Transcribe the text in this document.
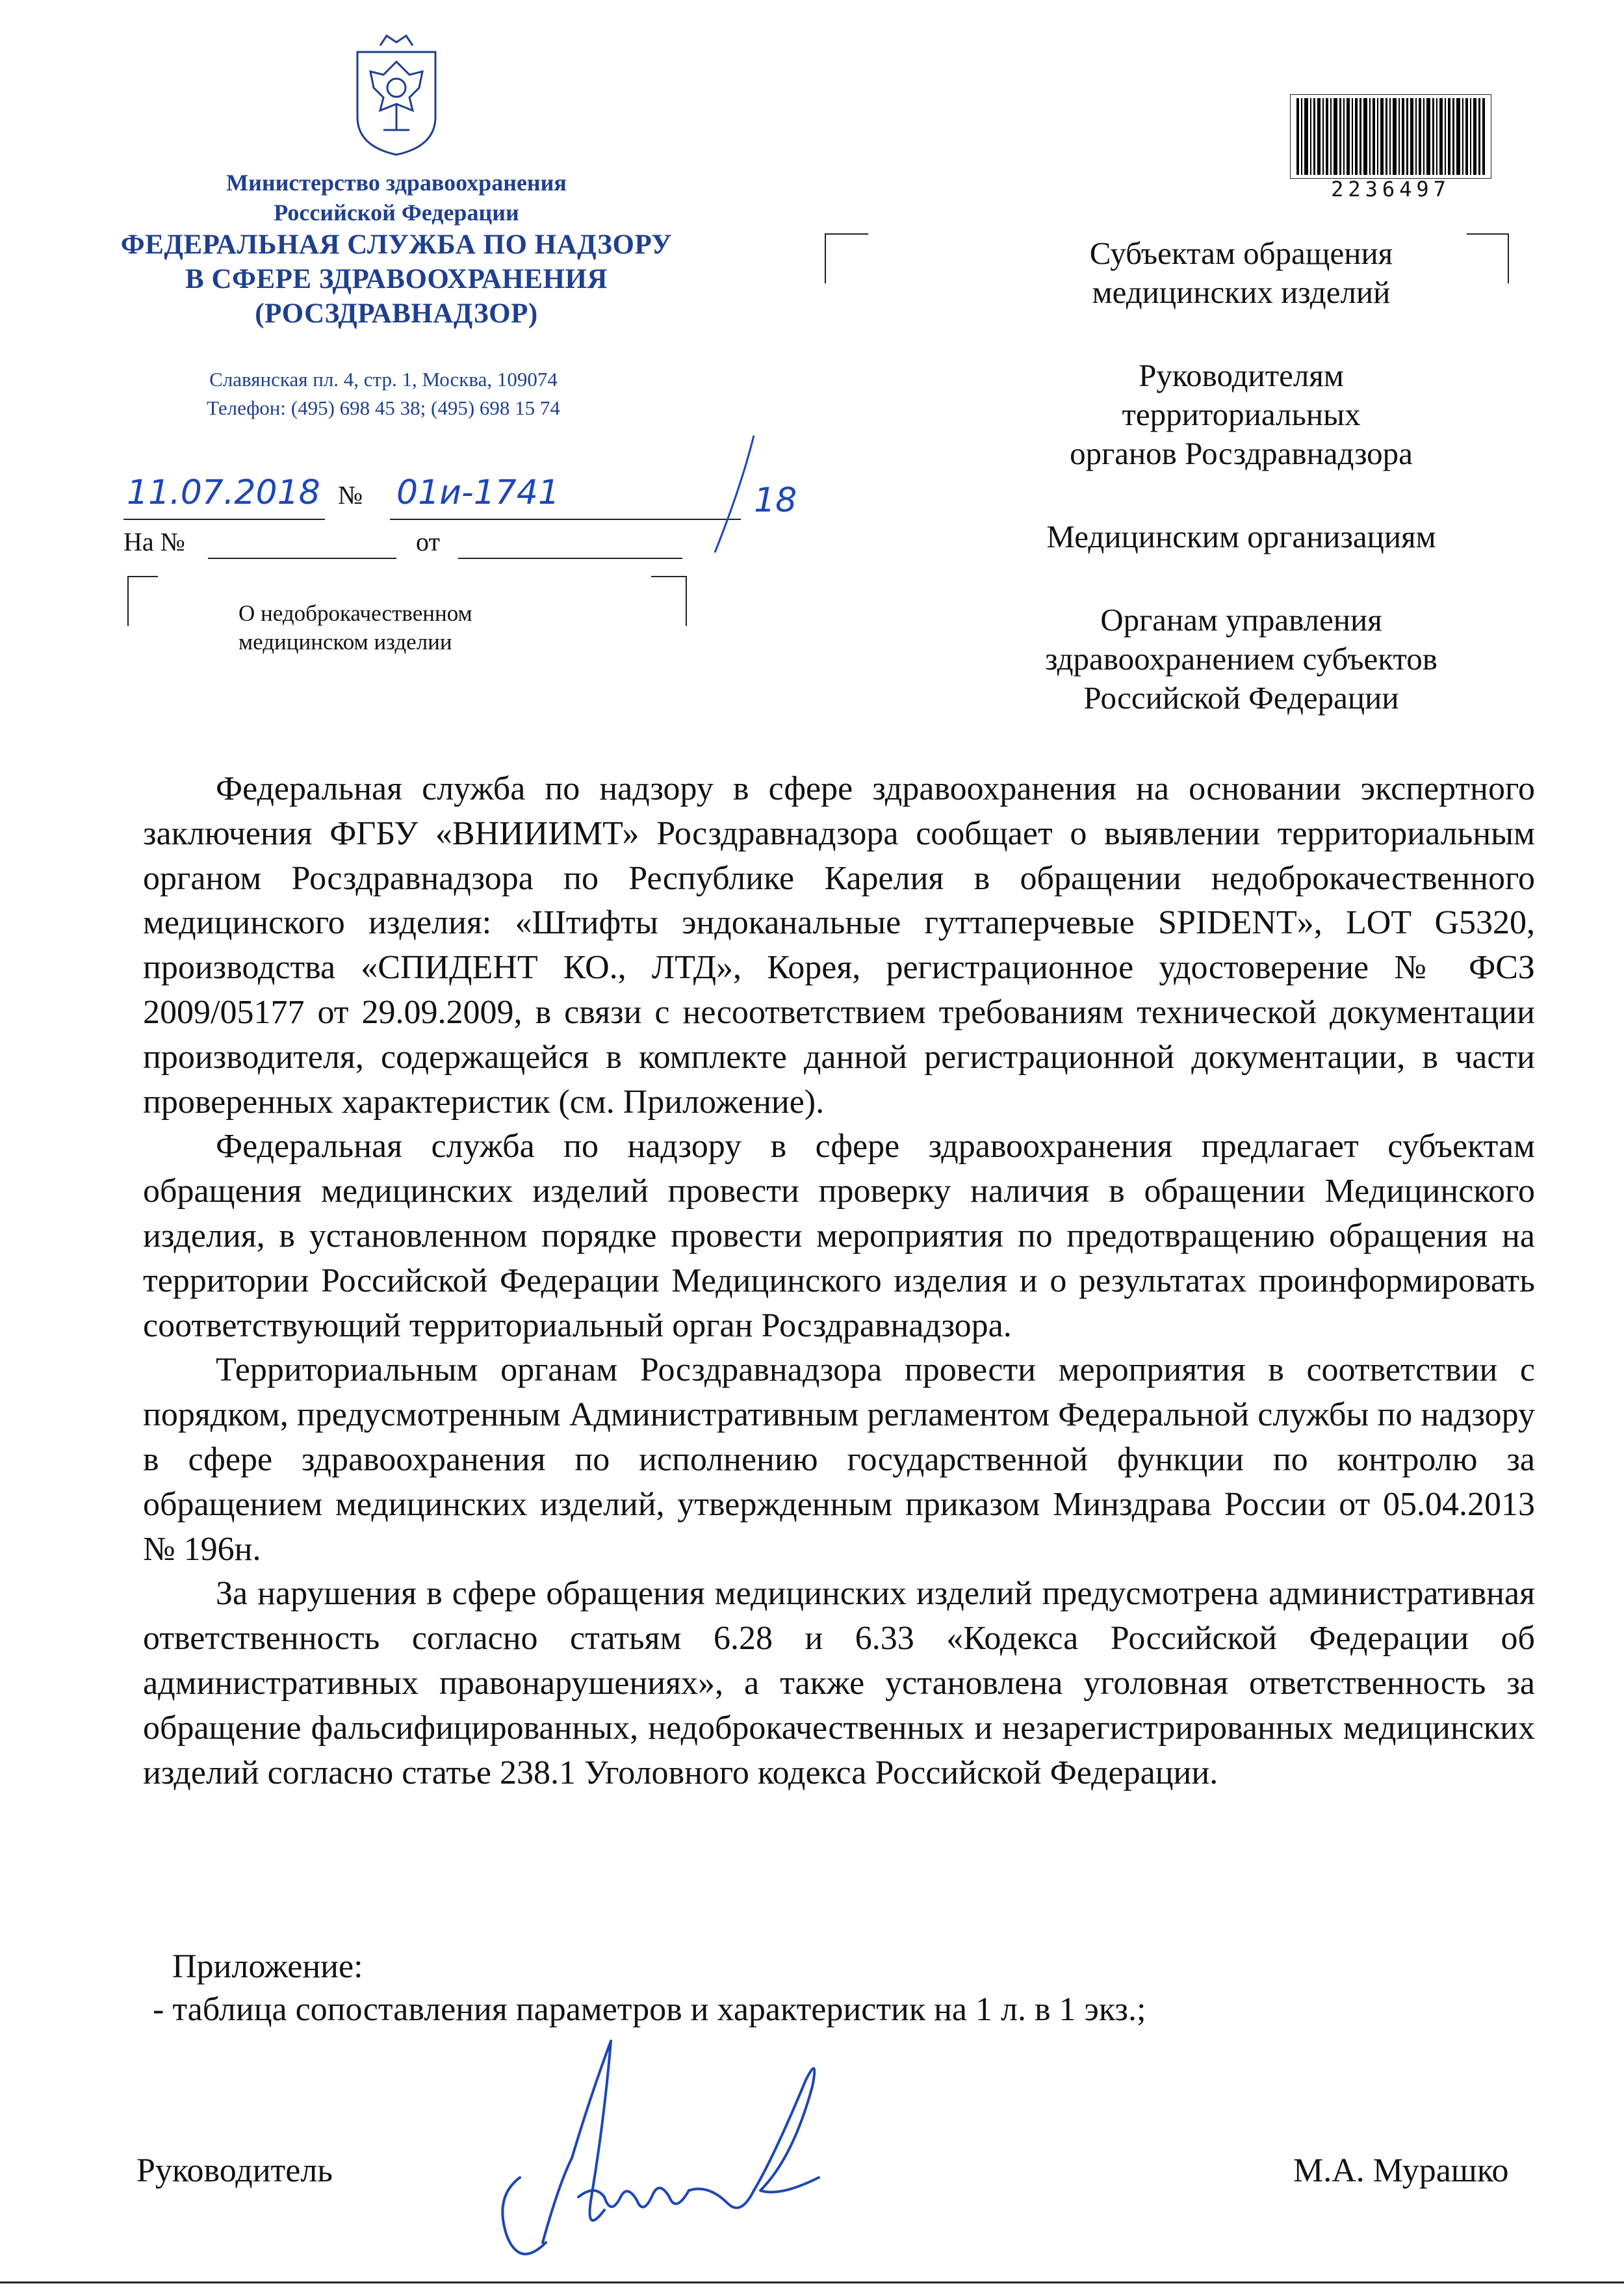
Министерство здравоохранения
Российской Федерации
ФЕДЕРАЛЬНАЯ СЛУЖБА ПО НАДЗОРУ
В СФЕРЕ ЗДРАВООХРАНЕНИЯ
(РОСЗДРАВНАДЗОР)
Славянская пл. 4, стр. 1, Москва, 109074
Телефон: (495) 698 45 38; (495) 698 15 74
11.07.2018 № 01и-1741	18
На №	от
О недоброкачественном
медицинском изделии
2236497
Субъектам обращения
медицинских изделий
Руководителям
территориальных
органов Росздравнадзора
Медицинским организациям
Органам управления
здравоохранением субъектов
Российской Федерации

Федеральная служба по надзору в сфере здравоохранения на основании экспертного заключения ФГБУ «ВНИИИМТ» Росздравнадзора сообщает о выявлении территориальным органом Росздравнадзора по Республике Карелия в обращении недоброкачественного медицинского изделия: «Штифты эндоканальные гуттаперчевые SPIDENT», LOT G5320, производства «СПИДЕНТ КО., ЛТД», Корея, регистрационное удостоверение № ФСЗ 2009/05177 от 29.09.2009, в связи с несоответствием требованиям технической документации производителя, содержащейся в комплекте данной регистрационной документации, в части проверенных характеристик (см. Приложение).

Федеральная служба по надзору в сфере здравоохранения предлагает субъектам обращения медицинских изделий провести проверку наличия в обращении Медицинского изделия, в установленном порядке провести мероприятия по предотвращению обращения на территории Российской Федерации Медицинского изделия и о результатах проинформировать соответствующий территориальный орган Росздравнадзора.

Территориальным органам Росздравнадзора провести мероприятия в соответствии с порядком, предусмотренным Административным регламентом Федеральной службы по надзору в сфере здравоохранения по исполнению государственной функции по контролю за обращением медицинских изделий, утвержденным приказом Минздрава России от 05.04.2013 № 196н.

За нарушения в сфере обращения медицинских изделий предусмотрена административная ответственность согласно статьям 6.28 и 6.33 «Кодекса Российской Федерации об административных правонарушениях», а также установлена уголовная ответственность за обращение фальсифицированных, недоброкачественных и незарегистрированных медицинских изделий согласно статье 238.1 Уголовного кодекса Российской Федерации.

Приложение:
- таблица сопоставления параметров и характеристик на 1 л. в 1 экз.;
Руководитель	М.А. Мурашко
